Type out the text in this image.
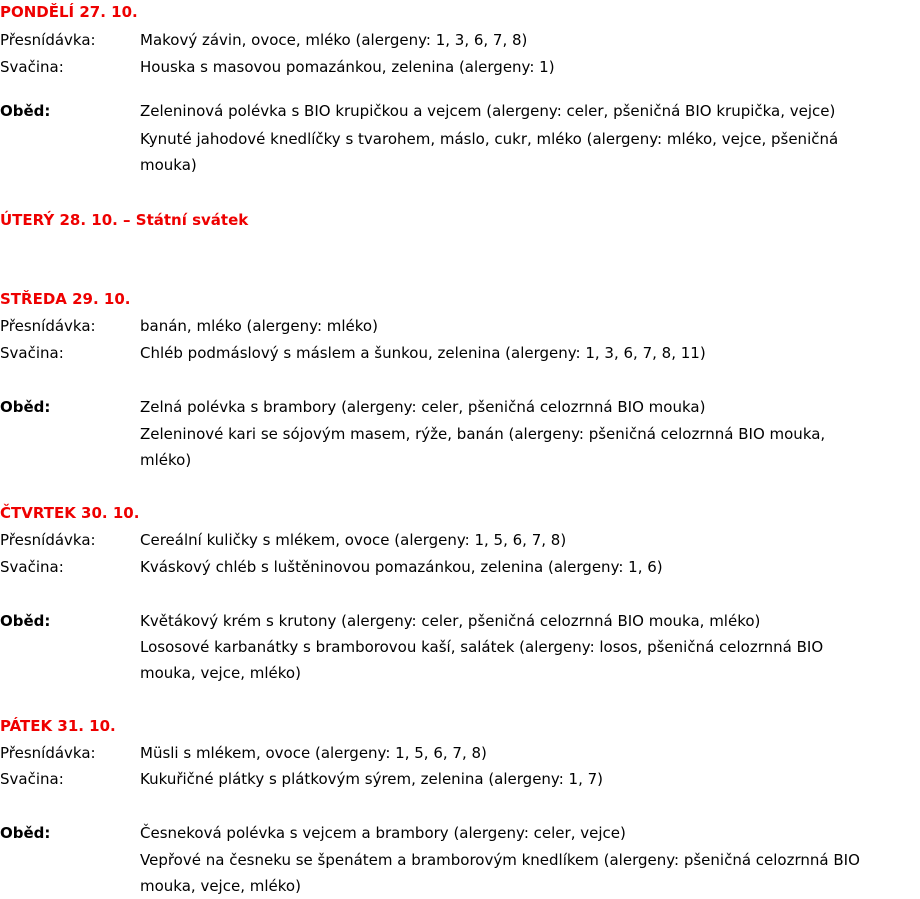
PONDĚLÍ 27. 10.
Přesnídávka:	Makový závin, ovoce, mléko (alergeny: 1, 3, 6, 7, 8)
Svačina:	Houska s masovou pomazánkou, zelenina (alergeny: 1)
Oběd:	Zeleninová polévka s BIO krupičkou a vejcem (alergeny: celer, pšeničná BIO krupička, vejce)
Kynuté jahodové knedlíčky s tvarohem, máslo, cukr, mléko (alergeny: mléko, vejce, pšeničná
mouka)
ÚTERÝ 28. 10. – Státní svátek
STŘEDA 29. 10.
Přesnídávka:	banán, mléko (alergeny: mléko)
Svačina:	Chléb podmáslový s máslem a šunkou, zelenina (alergeny: 1, 3, 6, 7, 8, 11)
Oběd:	Zelná polévka s brambory (alergeny: celer, pšeničná celozrnná BIO mouka)
Zeleninové kari se sójovým masem, rýže, banán (alergeny: pšeničná celozrnná BIO mouka,
mléko)
ČTVRTEK 30. 10.
Přesnídávka:	Cereální kuličky s mlékem, ovoce (alergeny: 1, 5, 6, 7, 8)
Svačina:	Kváskový chléb s luštěninovou pomazánkou, zelenina (alergeny: 1, 6)
Oběd:	Květákový krém s krutony (alergeny: celer, pšeničná celozrnná BIO mouka, mléko)
Lososové karbanátky s bramborovou kaší, salátek (alergeny: losos, pšeničná celozrnná BIO
mouka, vejce, mléko)
PÁTEK 31. 10.
Přesnídávka:	Müsli s mlékem, ovoce (alergeny: 1, 5, 6, 7, 8)
Svačina:	Kukuřičné plátky s plátkovým sýrem, zelenina (alergeny: 1, 7)
Oběd:	Česneková polévka s vejcem a brambory (alergeny: celer, vejce)
Vepřové na česneku se špenátem a bramborovým knedlíkem (alergeny: pšeničná celozrnná BIO
mouka, vejce, mléko)
